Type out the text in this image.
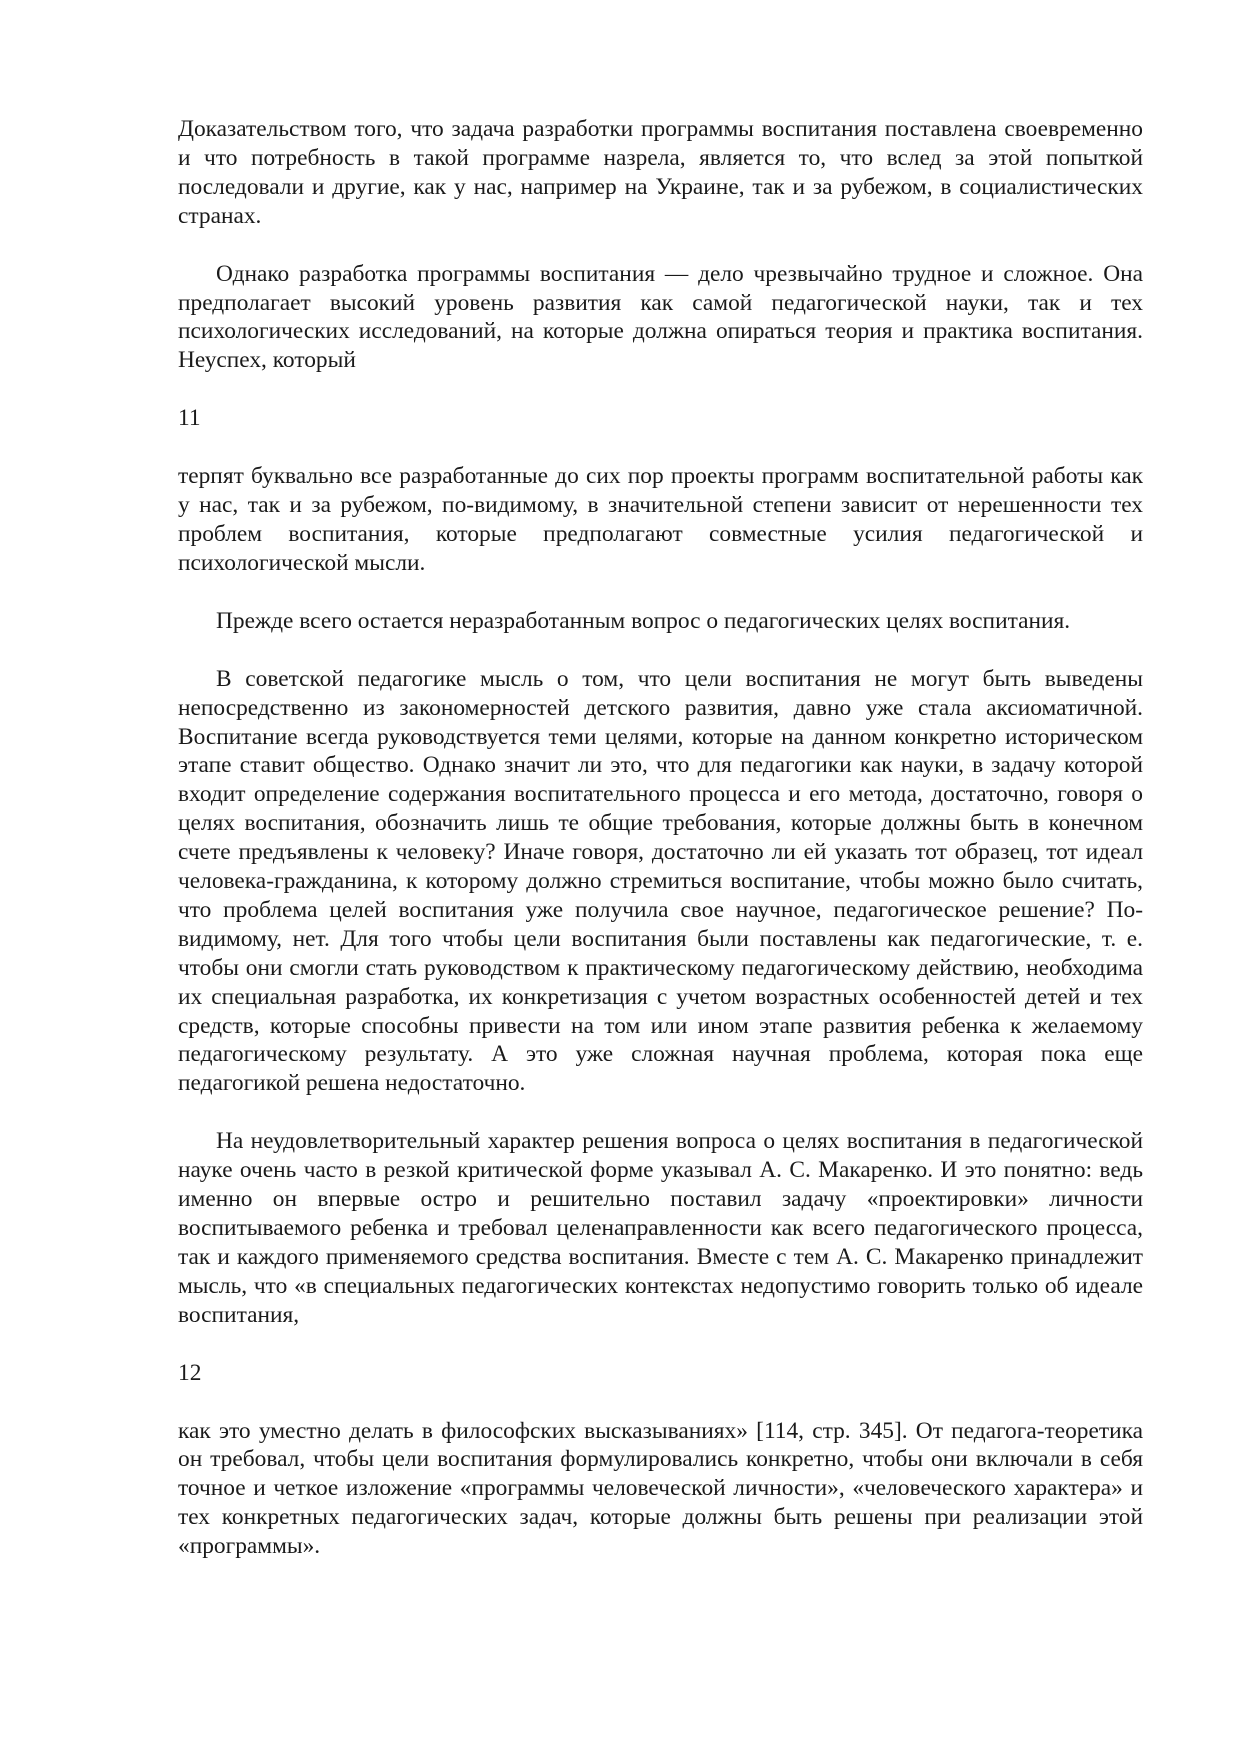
Доказательством того, что задача разработки программы воспитания поставлена своевременно и что потребность в такой программе назрела, является то, что вслед за этой попыткой последовали и другие, как у нас, например на Украине, так и за рубежом, в социалистических странах.

Однако разработка программы воспитания — дело чрезвычайно трудное и сложное. Она предполагает высокий уровень развития как самой педагогической науки, так и тех психологических исследований, на которые должна опираться теория и практика воспитания. Неуспех, который

11

терпят буквально все разработанные до сих пор проекты программ воспитательной работы как у нас, так и за рубежом, по-видимому, в значительной степени зависит от нерешенности тех проблем воспитания, которые предполагают совместные усилия педагогической и психологической мысли.

Прежде всего остается неразработанным вопрос о педагогических целях воспитания.

В советской педагогике мысль о том, что цели воспитания не могут быть выведены непосредственно из закономерностей детского развития, давно уже стала аксиоматичной. Воспитание всегда руководствуется теми целями, которые на данном конкретно историческом этапе ставит общество. Однако значит ли это, что для педагогики как науки, в задачу которой входит определение содержания воспитательного процесса и его метода, достаточно, говоря о целях воспитания, обозначить лишь те общие требования, которые должны быть в конечном счете предъявлены к человеку? Иначе говоря, достаточно ли ей указать тот образец, тот идеал человека-гражданина, к которому должно стремиться воспитание, чтобы можно было считать, что проблема целей воспитания уже получила свое научное, педагогическое решение? По-видимому, нет. Для того чтобы цели воспитания были поставлены как педагогические, т. е. чтобы они смогли стать руководством к практическому педагогическому действию, необходима их специальная разработка, их конкретизация с учетом возрастных особенностей детей и тех средств, которые способны привести на том или ином этапе развития ребенка к желаемому педагогическому результату. А это уже сложная научная проблема, которая пока еще педагогикой решена недостаточно.

На неудовлетворительный характер решения вопроса о целях воспитания в педагогической науке очень часто в резкой критической форме указывал А. С. Макаренко. И это понятно: ведь именно он впервые остро и решительно поставил задачу «проектировки» личности воспитываемого ребенка и требовал целенаправленности как всего педагогического процесса, так и каждого применяемого средства воспитания. Вместе с тем А. С. Макаренко принадлежит мысль, что «в специальных педагогических контекстах недопустимо говорить только об идеале воспитания,

12

как это уместно делать в философских высказываниях» [114, стр. 345]. От педагога-теоретика он требовал, чтобы цели воспитания формулировались конкретно, чтобы они включали в себя точное и четкое изложение «программы человеческой личности», «человеческого характера» и тех конкретных педагогических задач, которые должны быть решены при реализации этой «программы».
